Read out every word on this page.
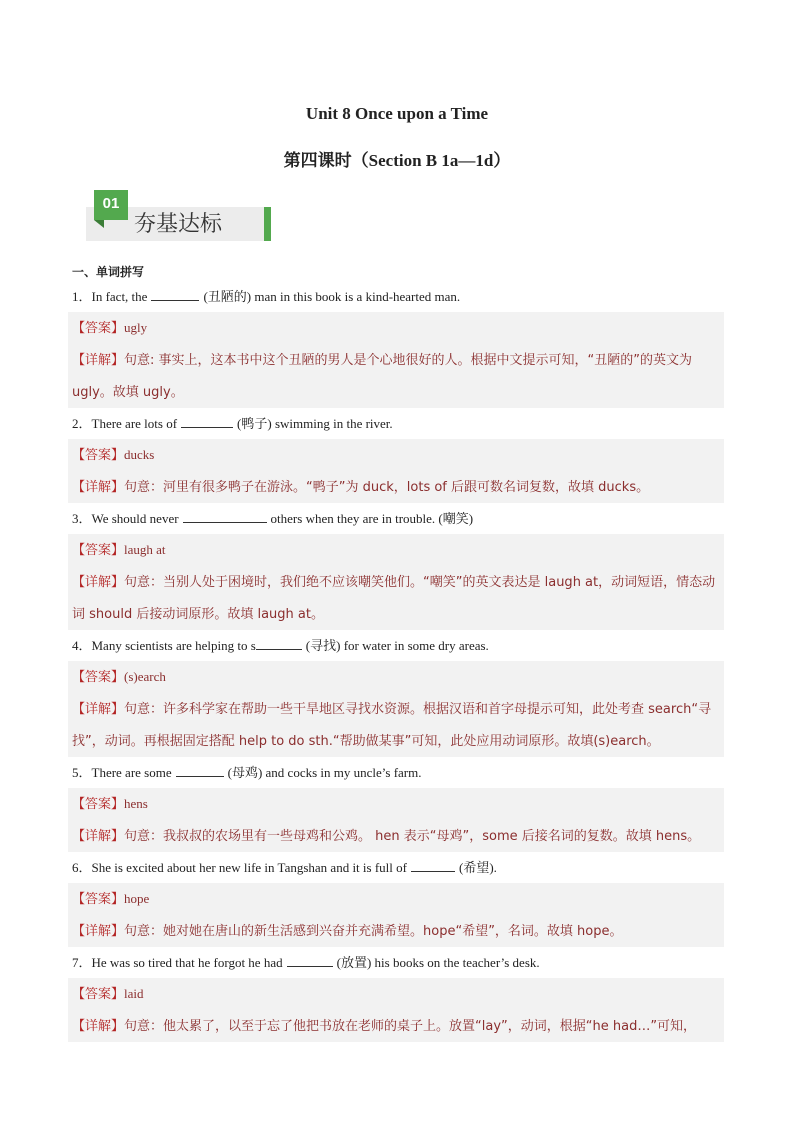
Unit 8 Once upon a Time
第四课时（Section B 1a—1d）
01
夯基达标
一、单词拼写
1．In fact, the	(丑陋的) man in this book is a kind-hearted man.
【答案】ugly
【详解】句意: 事实上，这本书中这个丑陋的男人是个心地很好的人。根据中文提示可知，“丑陋的”的英文为 ugly。故填 ugly。
2．There are lots of	(鸭子) swimming in the river.
【答案】ducks
【详解】句意：河里有很多鸭子在游泳。“鸭子”为 duck，lots of 后跟可数名词复数，故填 ducks。
3．We should never	others when they are in trouble. (嘲笑)
【答案】laugh at
【详解】句意：当别人处于困境时，我们绝不应该嘲笑他们。“嘲笑”的英文表达是 laugh at，动词短语，情态动词 should 后接动词原形。故填 laugh at。
4．Many scientists are helping to s	(寻找) for water in some dry areas.
【答案】(s)earch
【详解】句意：许多科学家在帮助一些干旱地区寻找水资源。根据汉语和首字母提示可知，此处考查 search“寻找”，动词。再根据固定搭配 help to do sth.“帮助做某事”可知，此处应用动词原形。故填(s)earch。
5．There are some	(母鸡) and cocks in my uncle’s farm.
【答案】hens
【详解】句意：我叔叔的农场里有一些母鸡和公鸡。 hen 表示“母鸡”，some 后接名词的复数。故填 hens。
6．She is excited about her new life in Tangshan and it is full of	(希望).
【答案】hope
【详解】句意：她对她在唐山的新生活感到兴奋并充满希望。hope“希望”，名词。故填 hope。
7．He was so tired that he forgot he had	(放置) his books on the teacher’s desk.
【答案】laid
【详解】句意：他太累了，以至于忘了他把书放在老师的桌子上。放置“lay”，动词，根据“he had…”可知，
